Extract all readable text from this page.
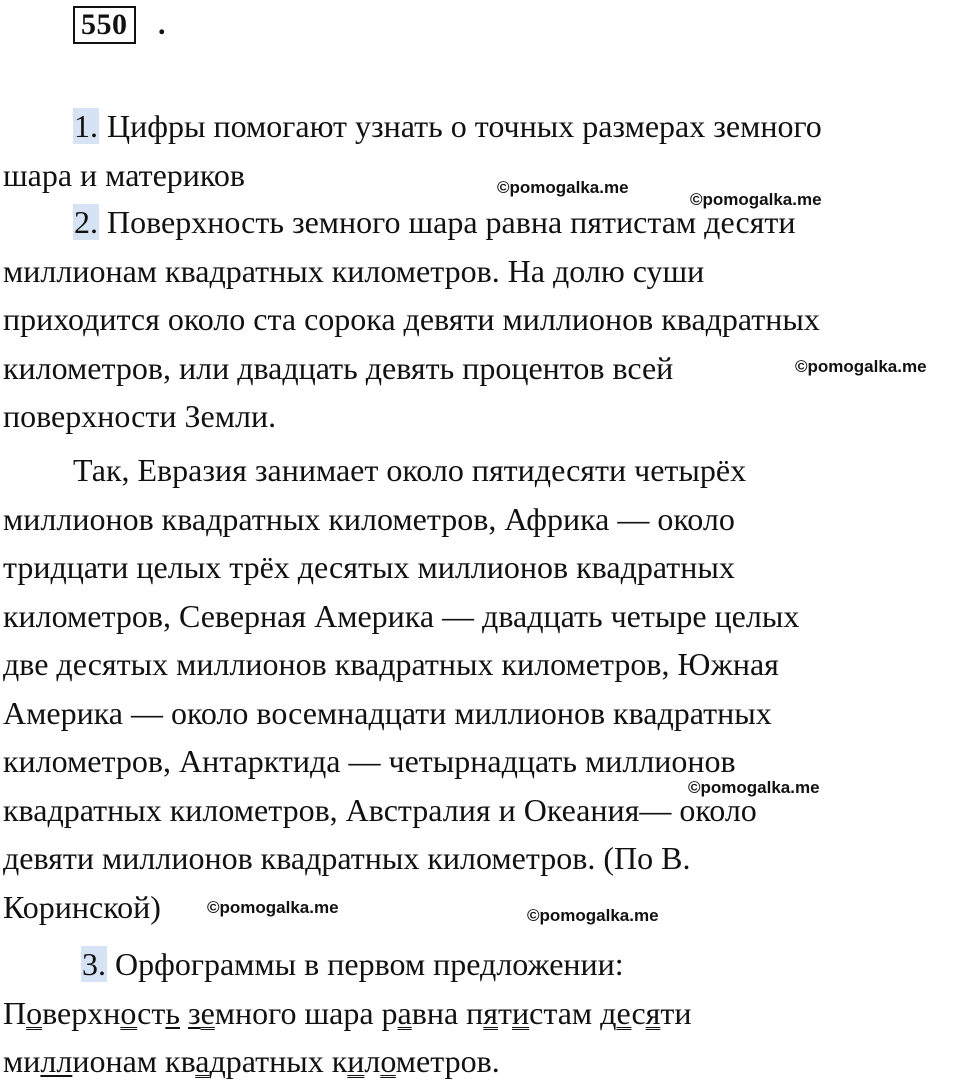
550 .
1. Цифры помогают узнать о точных размерах земного
шара и материков
2. Поверхность земного шара равна пятистам десяти
миллионам квадратных километров. На долю суши
приходится около ста сорока девяти миллионов квадратных
километров, или двадцать девять процентов всей
поверхности Земли.
Так, Евразия занимает около пятидесяти четырёх
миллионов квадратных километров, Африка — около
тридцати целых трёх десятых миллионов квадратных
километров, Северная Америка — двадцать четыре целых
две десятых миллионов квадратных километров, Южная
Америка — около восемнадцати миллионов квадратных
километров, Антарктида — четырнадцать миллионов
квадратных километров, Австралия и Океания— около
девяти миллионов квадратных километров. (По В.
Коринской)
3. Орфограммы в первом предложении:
Поверхность земного шара равна пятистам десяти
миллионам квадратных километров.
©pomogalka.me
©pomogalka.me
©pomogalka.me
©pomogalka.me
©pomogalka.me	©pomogalka.me
